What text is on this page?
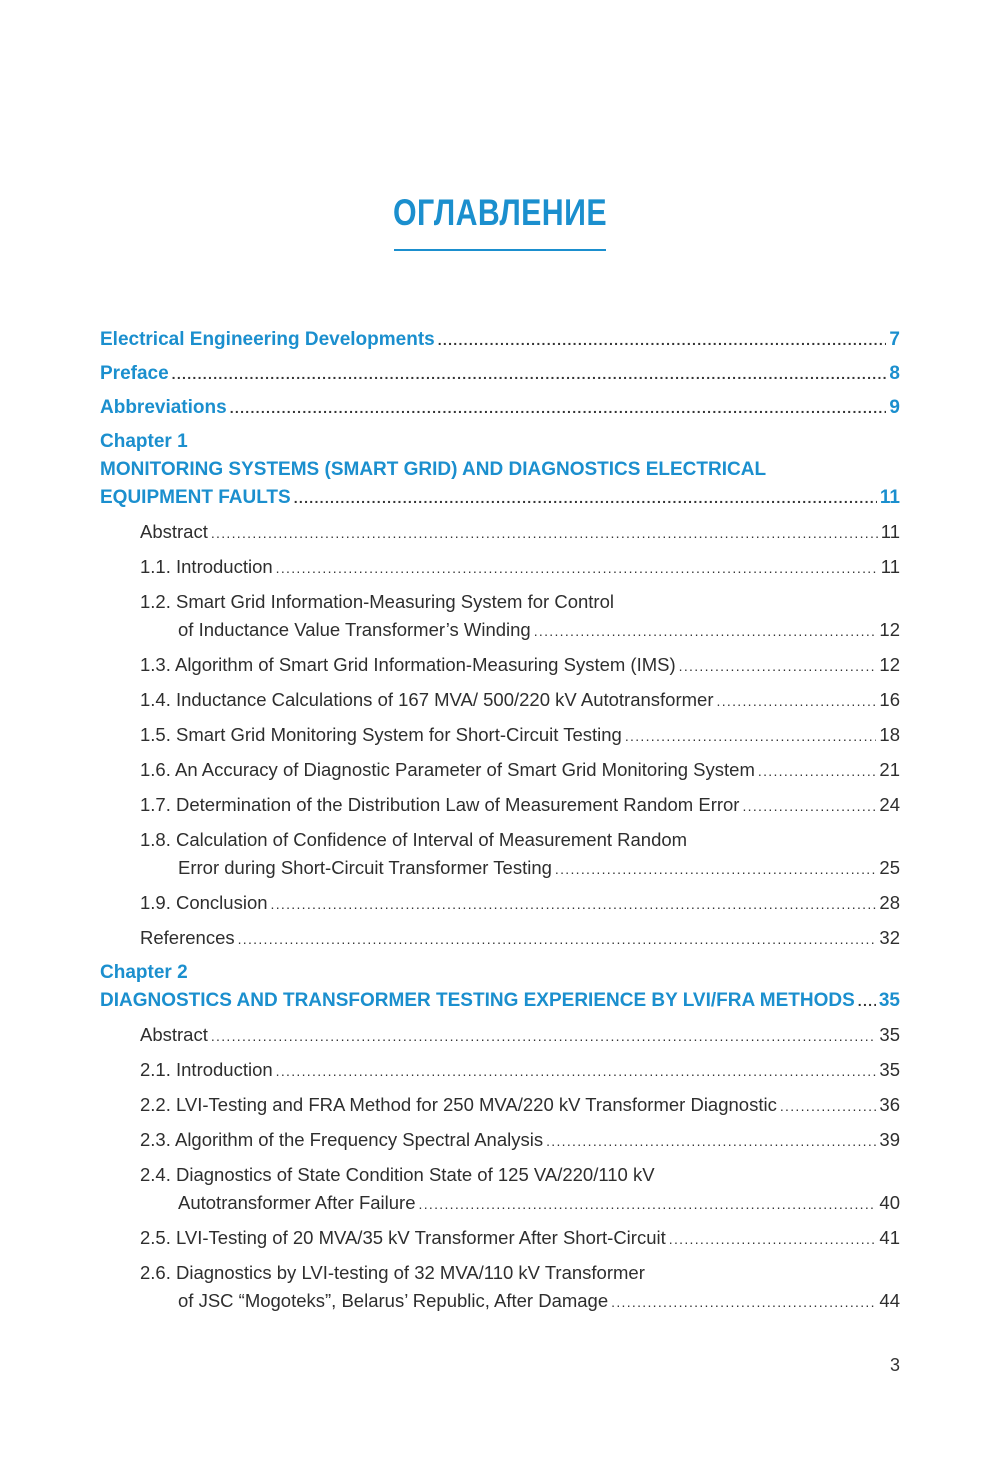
ОГЛАВЛЕНИЕ
Electrical Engineering Developments .....	7
Preface .....	8
Abbreviations .....	9
Chapter 1
MONITORING SYSTEMS (SMART GRID) AND DIAGNOSTICS ELECTRICAL
EQUIPMENT FAULTS .....	11
Abstract .....	11
1.1. Introduction .....	11
1.2. Smart Grid Information-Measuring System for Control
of Inductance Value Transformer’s Winding .....	12
1.3. Algorithm of Smart Grid Information-Measuring System (IMS) .....	12
1.4. Inductance Calculations of 167 MVA/ 500/220 kV Autotransformer .....	16
1.5. Smart Grid Monitoring System for Short-Circuit Testing .....	18
1.6. An Accuracy of Diagnostic Parameter of Smart Grid Monitoring System .....	21
1.7. Determination of the Distribution Law of Measurement Random Error .....	24
1.8. Calculation of Confidence of Interval of Measurement Random
Error during Short-Circuit Transformer Testing .....	25
1.9. Conclusion .....	28
References .....	32
Chapter 2
DIAGNOSTICS AND TRANSFORMER TESTING EXPERIENCE BY LVI/FRA METHODS ..... 35
Abstract .....	35
2.1. Introduction .....	35
2.2. LVI-Testing and FRA Method for 250 MVA/220 kV Transformer Diagnostic .....	36
2.3. Algorithm of the Frequency Spectral Analysis .....	39
2.4. Diagnostics of State Condition State of 125 VA/220/110 kV
Autotransformer After Failure .....	40
2.5. LVI-Testing of 20 MVA/35 kV Transformer After Short-Circuit .....	41
2.6. Diagnostics by LVI-testing of 32 MVA/110 kV Transformer
of JSC “Mogoteks”, Belarus’ Republic, After Damage .....	44
3
